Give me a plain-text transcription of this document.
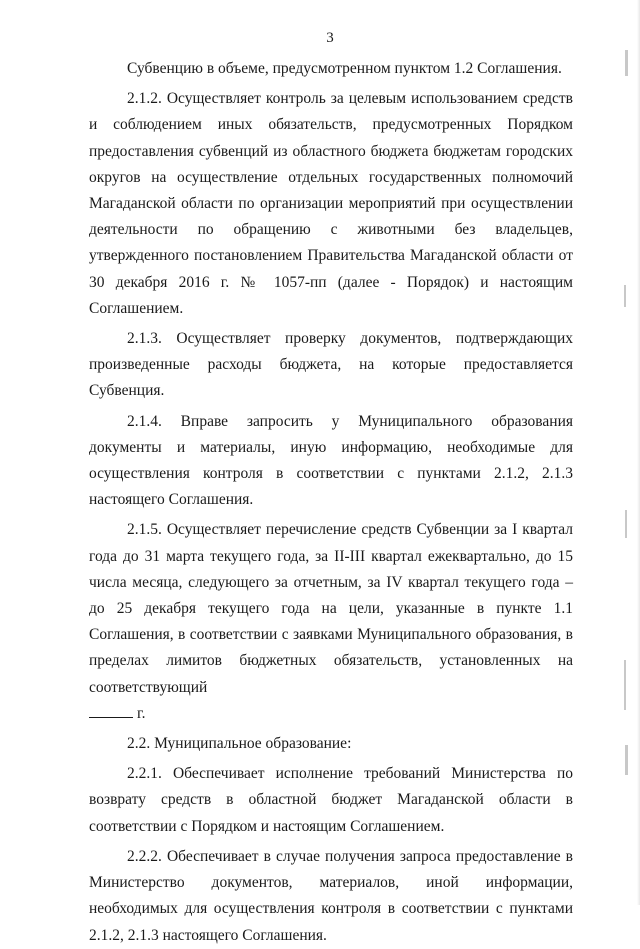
3

Субвенцию в объеме, предусмотренном пунктом 1.2 Соглашения.

2.1.2. Осуществляет контроль за целевым использованием средств и соблюдением иных обязательств, предусмотренных Порядком предоставления субвенций из областного бюджета бюджетам городских округов на осуществление отдельных государственных полномочий Магаданской области по организации мероприятий при осуществлении деятельности по обращению с животными без владельцев, утвержденного постановлением Правительства Магаданской области от 30 декабря 2016 г. № 1057-пп (далее - Порядок) и настоящим Соглашением.

2.1.3. Осуществляет проверку документов, подтверждающих произведенные расходы бюджета, на которые предоставляется Субвенция.

2.1.4. Вправе запросить у Муниципального образования документы и материалы, иную информацию, необходимые для осуществления контроля в соответствии с пунктами 2.1.2, 2.1.3 настоящего Соглашения.

2.1.5. Осуществляет перечисление средств Субвенции за I квартал года до 31 марта текущего года, за II-III квартал ежеквартально, до 15 числа месяца, следующего за отчетным, за IV квартал текущего года – до 25 декабря текущего года на цели, указанные в пункте 1.1 Соглашения, в соответствии с заявками Муниципального образования, в пределах лимитов бюджетных обязательств, установленных на соответствующий

г.

2.2. Муниципальное образование:

2.2.1. Обеспечивает исполнение требований Министерства по возврату средств в областной бюджет Магаданской области в соответствии с Порядком и настоящим Соглашением.

2.2.2. Обеспечивает в случае получения запроса предоставление в Министерство документов, материалов, иной информации, необходимых для осуществления контроля в соответствии с пунктами 2.1.2, 2.1.3 настоящего Соглашения.
